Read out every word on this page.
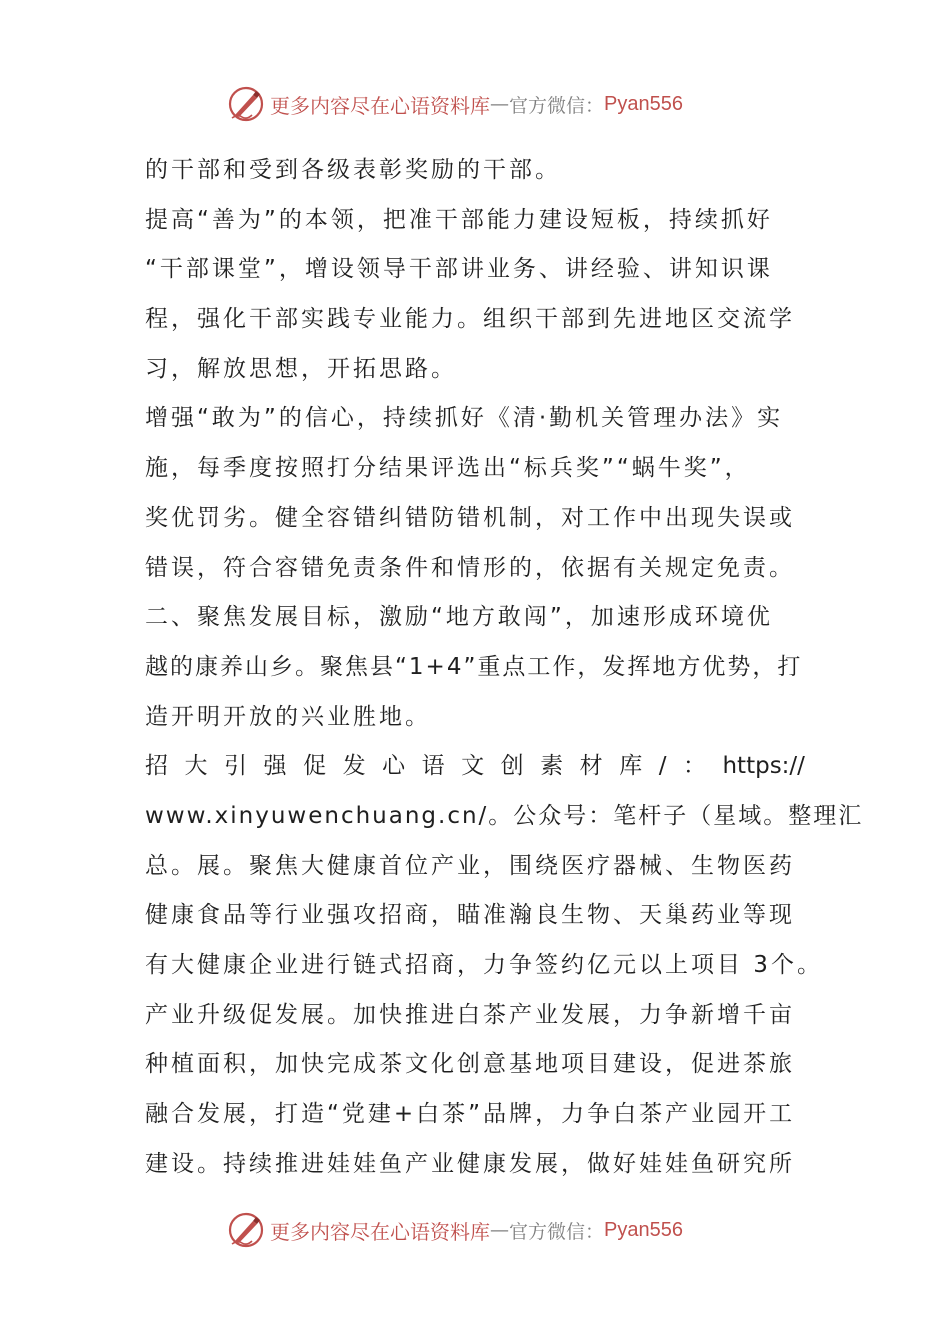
更多内容尽在心语资料库 — 官方微信： Pyan556
的干部和受到各级表彰奖励的干部。
提高“善为”的本领，把准干部能力建设短板，持续抓好
“干部课堂”，增设领导干部讲业务、讲经验、讲知识课
程，强化干部实践专业能力。组织干部到先进地区交流学
习，解放思想，开拓思路。
增强“敢为”的信心，持续抓好《清·勤机关管理办法》实
施，每季度按照打分结果评选出“标兵奖”“蜗牛奖”，
奖优罚劣。健全容错纠错防错机制，对工作中出现失误或
错误，符合容错免责条件和情形的，依据有关规定免责。
二、聚焦发展目标，激励“地方敢闯”，加速形成环境优
越的康养山乡。聚焦县“1+4”重点工作，发挥地方优势，打
造开明开放的兴业胜地。
招 大 引 强 促 发 心 语 文 创 素 材 库 / ： https://
www.xinyuwenchuang.cn/。公众号：笔杆子（星域。整理汇
总。展。聚焦大健康首位产业，围绕医疗器械、生物医药
健康食品等行业强攻招商，瞄准瀚良生物、天巢药业等现
有大健康企业进行链式招商，力争签约亿元以上项目 3个。
产业升级促发展。加快推进白茶产业发展，力争新增千亩
种植面积，加快完成茶文化创意基地项目建设，促进茶旅
融合发展，打造“党建+白茶”品牌，力争白茶产业园开工
建设。持续推进娃娃鱼产业健康发展，做好娃娃鱼研究所
更多内容尽在心语资料库 — 官方微信： Pyan556
